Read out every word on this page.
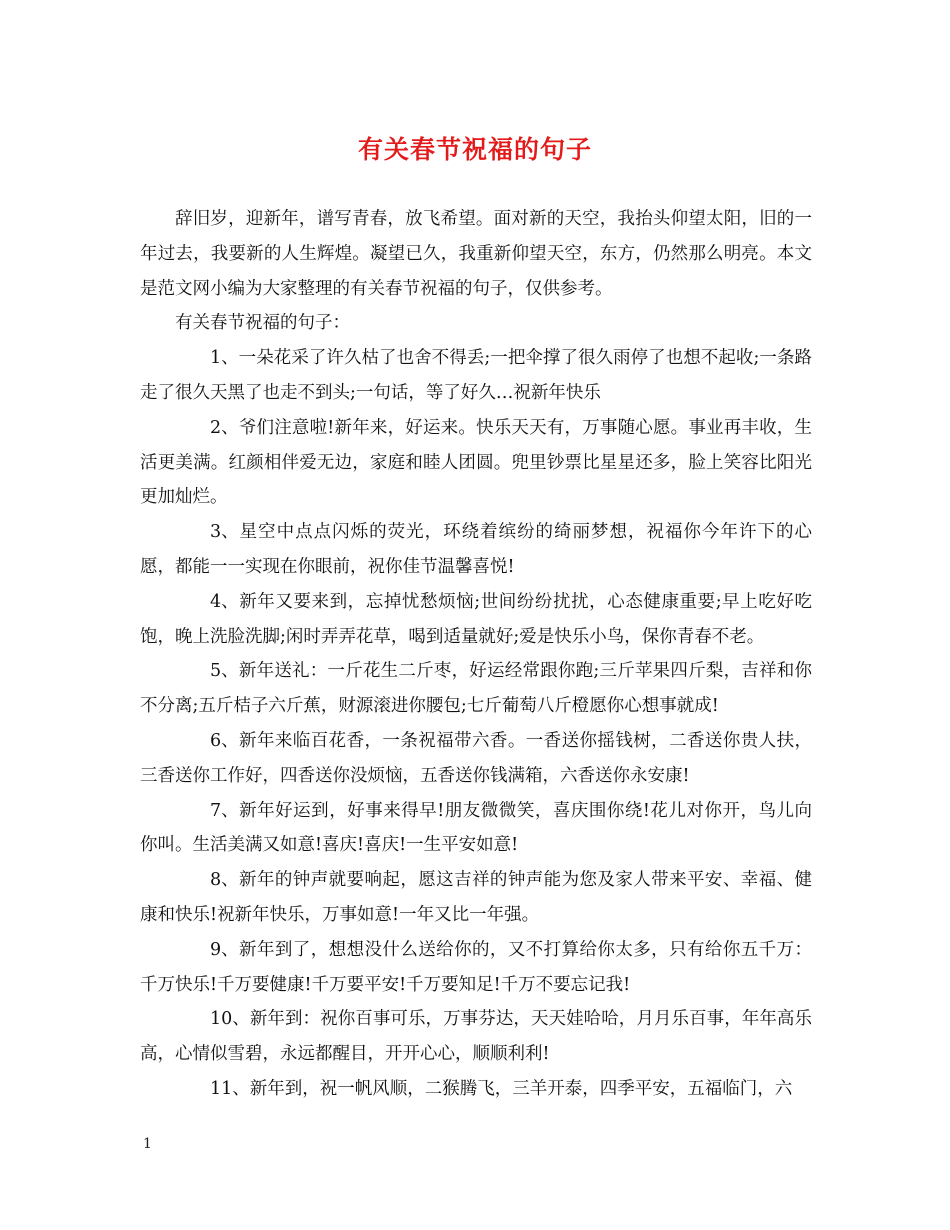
有关春节祝福的句子

辞旧岁，迎新年，谱写青春，放飞希望。面对新的天空，我抬头仰望太阳，旧的一年过去，我要新的人生辉煌。凝望已久，我重新仰望天空，东方，仍然那么明亮。本文是范文网小编为大家整理的有关春节祝福的句子，仅供参考。

有关春节祝福的句子：

1、一朵花采了许久枯了也舍不得丢;一把伞撑了很久雨停了也想不起收;一条路走了很久天黑了也走不到头;一句话，等了好久…祝新年快乐

2、爷们注意啦!新年来，好运来。快乐天天有，万事随心愿。事业再丰收，生活更美满。红颜相伴爱无边，家庭和睦人团圆。兜里钞票比星星还多，脸上笑容比阳光更加灿烂。

3、星空中点点闪烁的荧光，环绕着缤纷的绮丽梦想，祝福你今年许下的心愿，都能一一实现在你眼前，祝你佳节温馨喜悦!

4、新年又要来到，忘掉忧愁烦恼;世间纷纷扰扰，心态健康重要;早上吃好吃饱，晚上洗脸洗脚;闲时弄弄花草，喝到适量就好;爱是快乐小鸟，保你青春不老。

5、新年送礼：一斤花生二斤枣，好运经常跟你跑;三斤苹果四斤梨，吉祥和你不分离;五斤桔子六斤蕉，财源滚进你腰包;七斤葡萄八斤橙愿你心想事就成!

6、新年来临百花香，一条祝福带六香。一香送你摇钱树，二香送你贵人扶，三香送你工作好，四香送你没烦恼，五香送你钱满箱，六香送你永安康!

7、新年好运到，好事来得早!朋友微微笑，喜庆围你绕!花儿对你开，鸟儿向你叫。生活美满又如意!喜庆!喜庆!一生平安如意!

8、新年的钟声就要响起，愿这吉祥的钟声能为您及家人带来平安、幸福、健康和快乐!祝新年快乐，万事如意!一年又比一年强。

9、新年到了，想想没什么送给你的，又不打算给你太多，只有给你五千万：千万快乐!千万要健康!千万要平安!千万要知足!千万不要忘记我!

10、新年到：祝你百事可乐，万事芬达，天天娃哈哈，月月乐百事，年年高乐高，心情似雪碧，永远都醒目，开开心心，顺顺利利!

11、新年到，祝一帆风顺，二猴腾飞，三羊开泰，四季平安，五福临门，六

1
